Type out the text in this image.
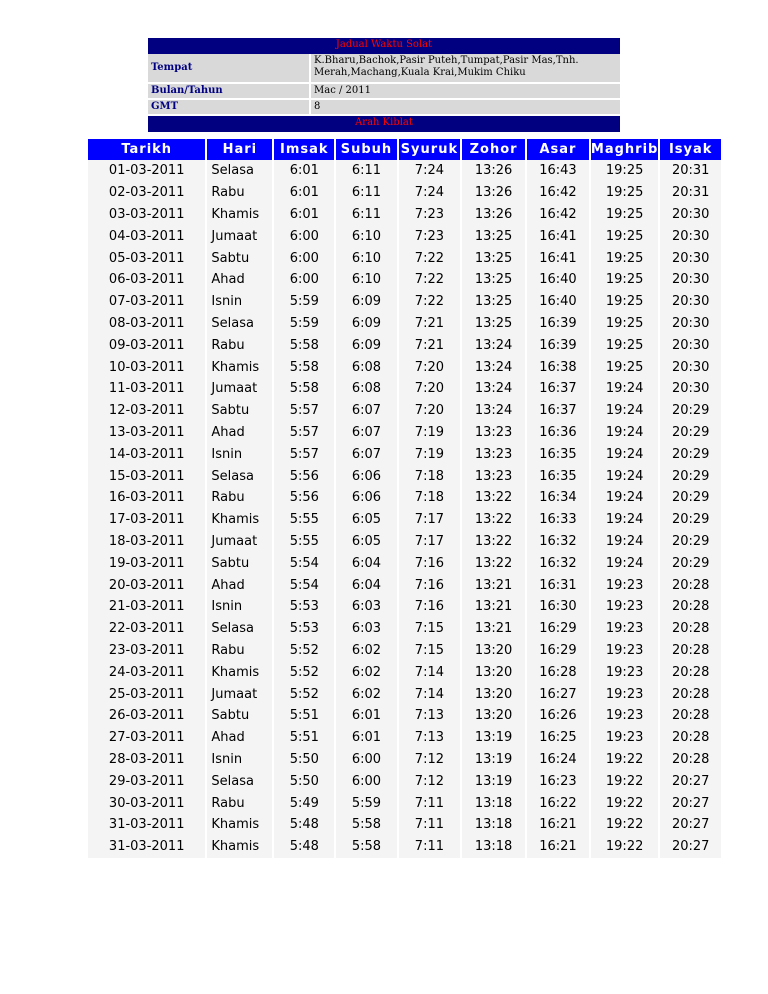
Jadual Waktu Solat	
Tempat	K.Bharu,Bachok,Pasir Puteh,Tumpat,Pasir Mas,Tnh. Merah,Machang,Kuala Krai,Mukim Chiku
Bulan/Tahun	Mac / 2011
GMT	8
Arah Kiblat	
Tarikh	Hari	Imsak	Subuh	Syuruk	Zohor	Asar	Maghrib	Isyak
01-03-2011	Selasa	6:01	6:11	7:24	13:26	16:43	19:25	20:31
02-03-2011	Rabu	6:01	6:11	7:24	13:26	16:42	19:25	20:31
03-03-2011	Khamis	6:01	6:11	7:23	13:26	16:42	19:25	20:30
04-03-2011	Jumaat	6:00	6:10	7:23	13:25	16:41	19:25	20:30
05-03-2011	Sabtu	6:00	6:10	7:22	13:25	16:41	19:25	20:30
06-03-2011	Ahad	6:00	6:10	7:22	13:25	16:40	19:25	20:30
07-03-2011	Isnin	5:59	6:09	7:22	13:25	16:40	19:25	20:30
08-03-2011	Selasa	5:59	6:09	7:21	13:25	16:39	19:25	20:30
09-03-2011	Rabu	5:58	6:09	7:21	13:24	16:39	19:25	20:30
10-03-2011	Khamis	5:58	6:08	7:20	13:24	16:38	19:25	20:30
11-03-2011	Jumaat	5:58	6:08	7:20	13:24	16:37	19:24	20:30
12-03-2011	Sabtu	5:57	6:07	7:20	13:24	16:37	19:24	20:29
13-03-2011	Ahad	5:57	6:07	7:19	13:23	16:36	19:24	20:29
14-03-2011	Isnin	5:57	6:07	7:19	13:23	16:35	19:24	20:29
15-03-2011	Selasa	5:56	6:06	7:18	13:23	16:35	19:24	20:29
16-03-2011	Rabu	5:56	6:06	7:18	13:22	16:34	19:24	20:29
17-03-2011	Khamis	5:55	6:05	7:17	13:22	16:33	19:24	20:29
18-03-2011	Jumaat	5:55	6:05	7:17	13:22	16:32	19:24	20:29
19-03-2011	Sabtu	5:54	6:04	7:16	13:22	16:32	19:24	20:29
20-03-2011	Ahad	5:54	6:04	7:16	13:21	16:31	19:23	20:28
21-03-2011	Isnin	5:53	6:03	7:16	13:21	16:30	19:23	20:28
22-03-2011	Selasa	5:53	6:03	7:15	13:21	16:29	19:23	20:28
23-03-2011	Rabu	5:52	6:02	7:15	13:20	16:29	19:23	20:28
24-03-2011	Khamis	5:52	6:02	7:14	13:20	16:28	19:23	20:28
25-03-2011	Jumaat	5:52	6:02	7:14	13:20	16:27	19:23	20:28
26-03-2011	Sabtu	5:51	6:01	7:13	13:20	16:26	19:23	20:28
27-03-2011	Ahad	5:51	6:01	7:13	13:19	16:25	19:23	20:28
28-03-2011	Isnin	5:50	6:00	7:12	13:19	16:24	19:22	20:28
29-03-2011	Selasa	5:50	6:00	7:12	13:19	16:23	19:22	20:27
30-03-2011	Rabu	5:49	5:59	7:11	13:18	16:22	19:22	20:27
31-03-2011	Khamis	5:48	5:58	7:11	13:18	16:21	19:22	20:27
31-03-2011	Khamis	5:48	5:58	7:11	13:18	16:21	19:22	20:27
